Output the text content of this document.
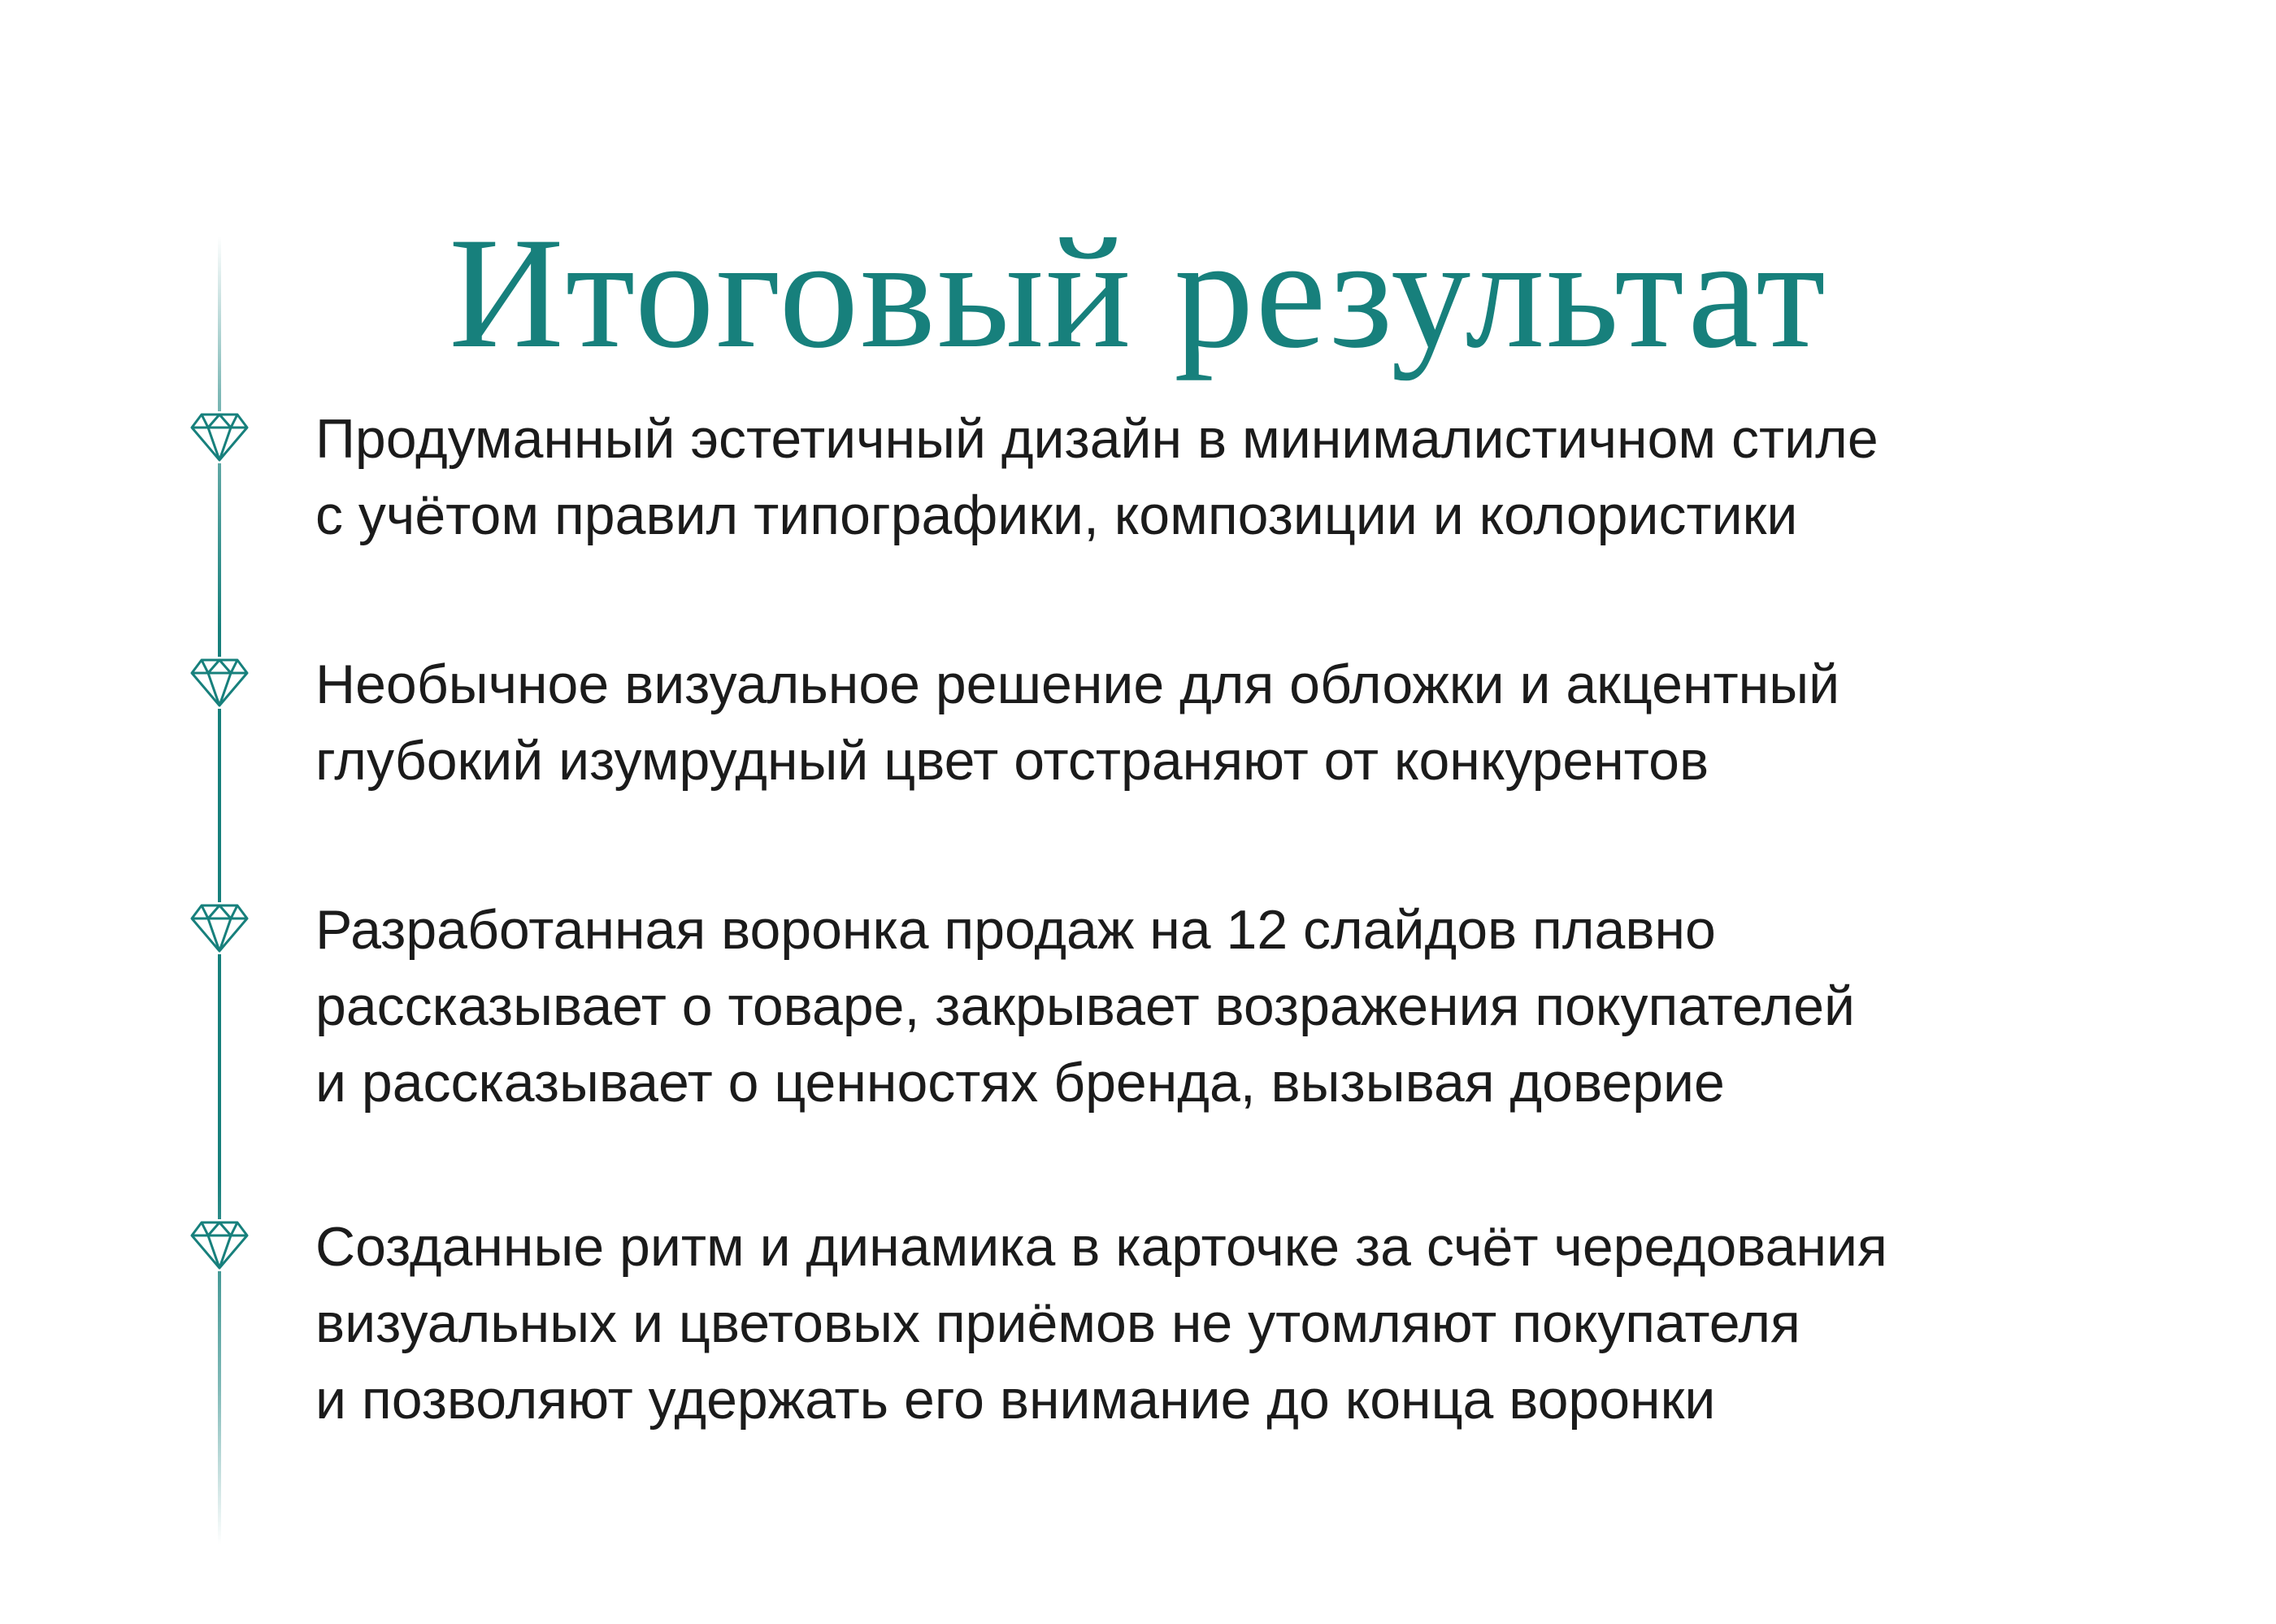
Итоговый результат
Продуманный эстетичный дизайн в минималистичном стиле
с учётом правил типографики, композиции и колористики
Необычное визуальное решение для обложки и акцентный
глубокий изумрудный цвет отстраняют от конкурентов
Разработанная воронка продаж на 12 слайдов плавно
рассказывает о товаре, закрывает возражения покупателей
и рассказывает о ценностях бренда, вызывая доверие
Созданные ритм и динамика в карточке за счёт чередования
визуальных и цветовых приёмов не утомляют покупателя
и позволяют удержать его внимание до конца воронки
